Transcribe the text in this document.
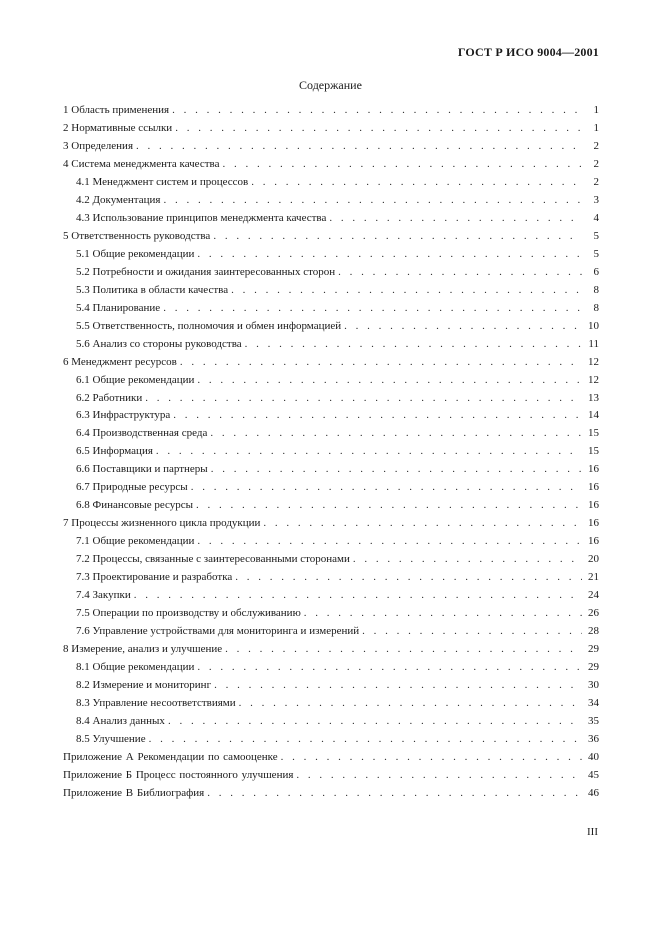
ГОСТ Р ИСО 9004—2001
Содержание
1 Область применения . . .	1
2 Нормативные ссылки . . .	1
3 Определения . . .	2
4 Система менеджмента качества . . .	2
4.1 Менеджмент систем и процессов . . .	2
4.2 Документация . . .	3
4.3 Использование принципов менеджмента качества . . .	4
5 Ответственность руководства . . .	5
5.1 Общие рекомендации . . .	5
5.2 Потребности и ожидания заинтересованных сторон . . .	6
5.3 Политика в области качества . . .	8
5.4 Планирование . . .	8
5.5 Ответственность, полномочия и обмен информацией . . .	10
5.6 Анализ со стороны руководства . . .	11
6 Менеджмент ресурсов . . .	12
6.1 Общие рекомендации . . .	12
6.2 Работники . . .	13
6.3 Инфраструктура . . .	14
6.4 Производственная среда . . .	15
6.5 Информация . . .	15
6.6 Поставщики и партнеры . . .	16
6.7 Природные ресурсы . . .	16
6.8 Финансовые ресурсы . . .	16
7 Процессы жизненного цикла продукции . . .	16
7.1 Общие рекомендации . . .	16
7.2 Процессы, связанные с заинтересованными сторонами . . .	20
7.3 Проектирование и разработка . . .	21
7.4 Закупки . . .	24
7.5 Операции по производству и обслуживанию . . .	26
7.6 Управление устройствами для мониторинга и измерений . . .	28
8 Измерение, анализ и улучшение . . .	29
8.1 Общие рекомендации . . .	29
8.2 Измерение и мониторинг . . .	30
8.3 Управление несоответствиями . . .	34
8.4 Анализ данных . . .	35
8.5 Улучшение . . .	36
Приложение А Рекомендации по самооценке . . .	40
Приложение Б Процесс постоянного улучшения . . .	45
Приложение В Библиография . . .	46
III
